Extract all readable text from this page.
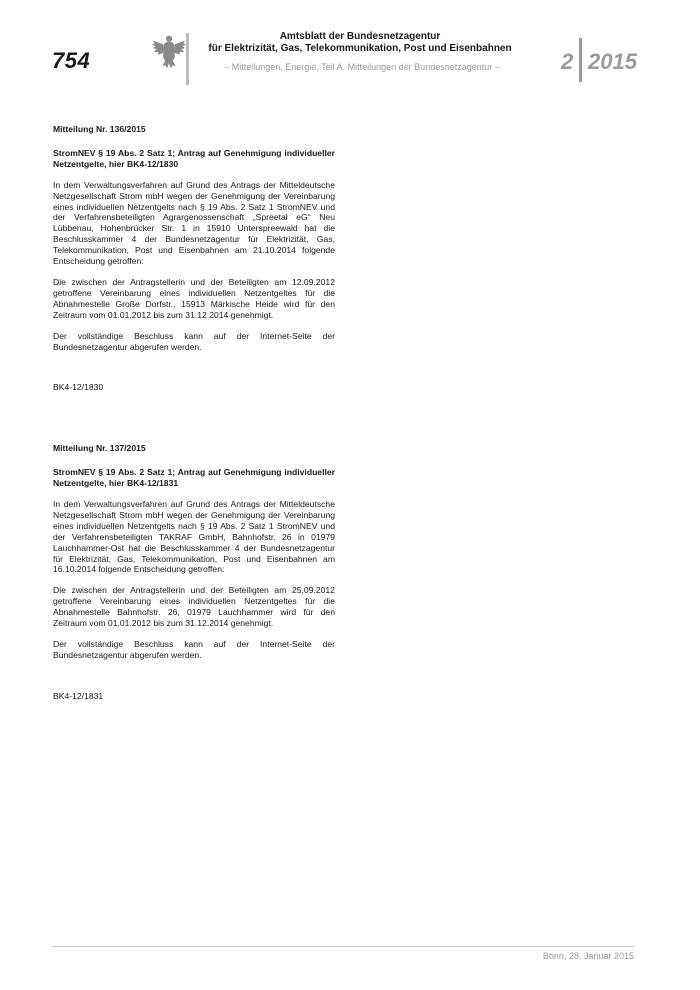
754
Amtsblatt der Bundesnetzagentur
für Elektrizität, Gas, Telekommunikation, Post und Eisenbahnen
– Mitteilungen, Energie, Teil A, Mitteilungen der Bundesnetzagentur –	2 2015

Mitteilung Nr. 136/2015

StromNEV § 19 Abs. 2 Satz 1; Antrag auf Genehmigung individueller Netzentgelte, hier BK4-12/1830

In dem Verwaltungsverfahren auf Grund des Antrags der Mitteldeutsche Netzgesellschaft Strom mbH wegen der Genehmigung der Vereinbarung eines individuellen Netzentgelts nach § 19 Abs. 2 Satz 1 StromNEV und der Verfahrensbeteiligten Agrargenossenschaft „Spreetal eG“ Neu Lübbenau, Hohenbrücker Str. 1 in 15910 Unterspreewald hat die Beschlusskammer 4 der Bundesnetzagentur für Elektrizität, Gas, Telekommunikation, Post und Eisenbahnen am 21.10.2014 folgende Entscheidung getroffen:

Die zwischen der Antragstellerin und der Beteiligten am 12.09.2012 getroffene Vereinbarung eines individuellen Netzentgeltes für die Abnahmestelle Große Dorfstr., 15913 Märkische Heide wird für den Zeitraum vom 01.01.2012 bis zum 31.12.2014 genehmigt.

Der vollständige Beschluss kann auf der Internet-Seite der Bundesnetzagentur abgerufen werden.

BK4-12/1830

Mitteilung Nr. 137/2015

StromNEV § 19 Abs. 2 Satz 1; Antrag auf Genehmigung individueller Netzentgelte, hier BK4-12/1831

In dem Verwaltungsverfahren auf Grund des Antrags der Mitteldeutsche Netzgesellschaft Strom mbH wegen der Genehmigung der Vereinbarung eines individuellen Netzentgelts nach § 19 Abs. 2 Satz 1 StromNEV und der Verfahrensbeteiligten TAKRAF GmbH, Bahnhofstr. 26 in 01979 Lauchhammer-Ost hat die Beschlusskammer 4 der Bundesnetzagentur für Elektrizität, Gas, Telekommunikation, Post und Eisenbahnen am 16.10.2014 folgende Entscheidung getroffen:

Die zwischen der Antragstellerin und der Beteiligten am 25.09.2012 getroffene Vereinbarung eines individuellen Netzentgeltes für die Abnahmestelle Bahnhofstr. 26, 01979 Lauchhammer wird für den Zeitraum vom 01.01.2012 bis zum 31.12.2014 genehmigt.

Der vollständige Beschluss kann auf der Internet-Seite der Bundesnetzagentur abgerufen werden.

BK4-12/1831

Bonn, 28. Januar 2015
